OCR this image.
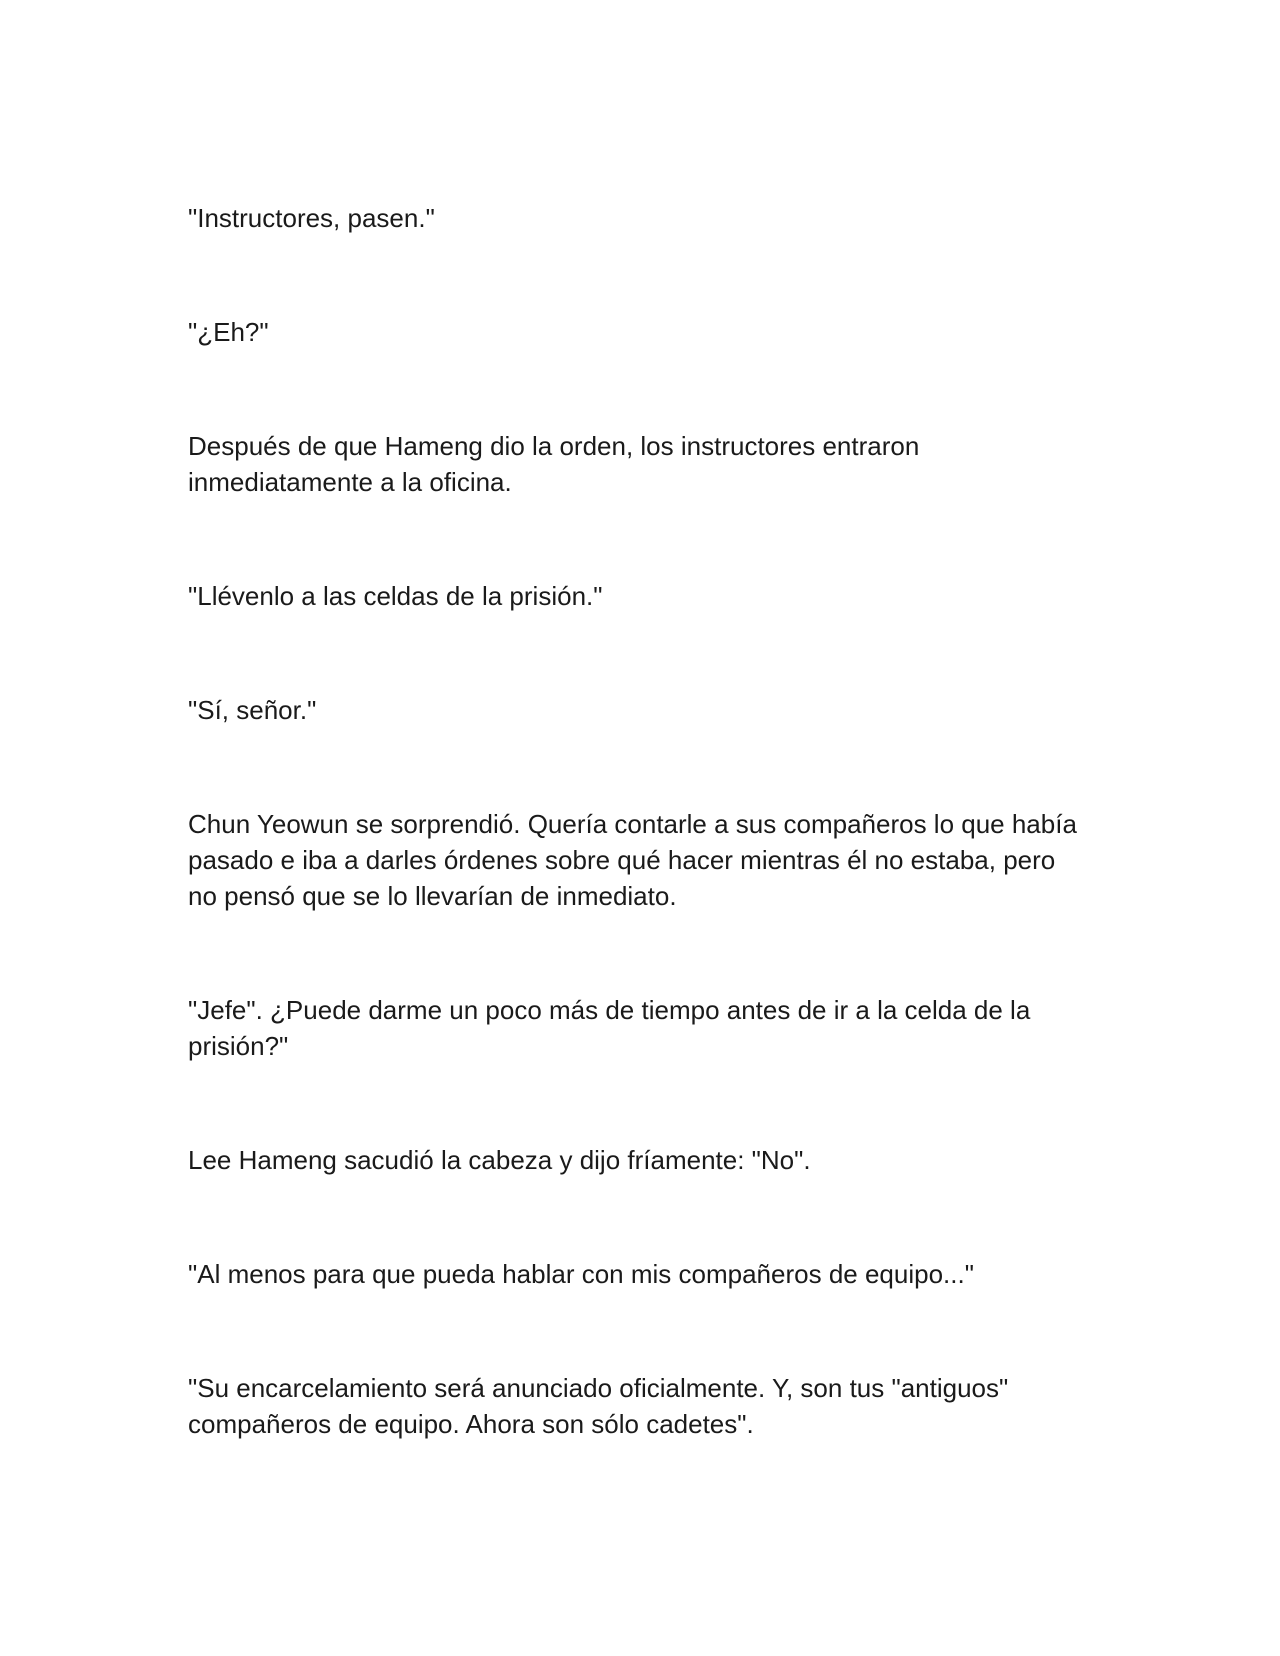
"Instructores, pasen."

"¿Eh?"

Después de que Hameng dio la orden, los instructores entraron inmediatamente a la oficina.

"Llévenlo a las celdas de la prisión."

"Sí, señor."

Chun Yeowun se sorprendió. Quería contarle a sus compañeros lo que había pasado e iba a darles órdenes sobre qué hacer mientras él no estaba, pero no pensó que se lo llevarían de inmediato.

"Jefe". ¿Puede darme un poco más de tiempo antes de ir a la celda de la prisión?"

Lee Hameng sacudió la cabeza y dijo fríamente: "No".

"Al menos para que pueda hablar con mis compañeros de equipo..."

"Su encarcelamiento será anunciado oficialmente. Y, son tus "antiguos" compañeros de equipo. Ahora son sólo cadetes".
